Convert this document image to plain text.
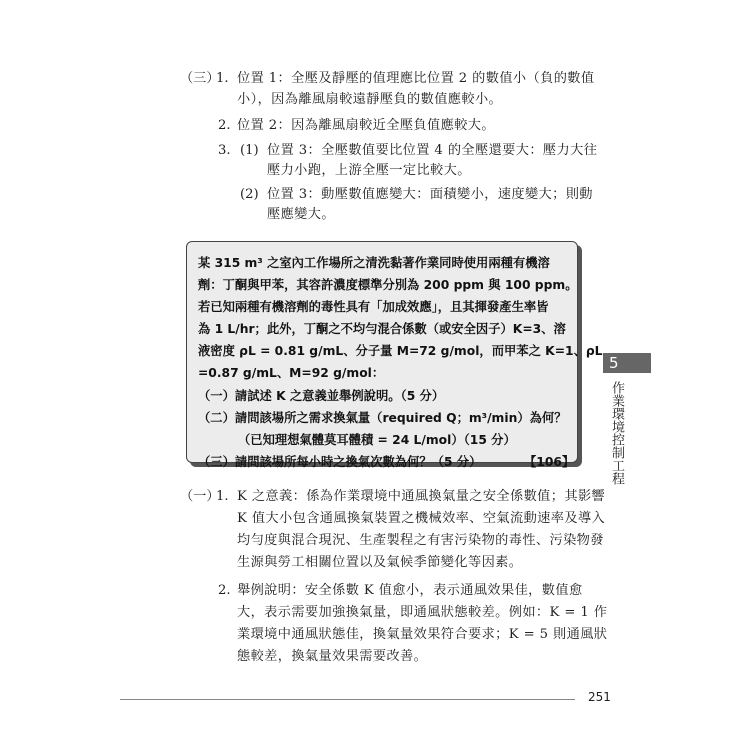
（三）
1. 位置 1：全壓及靜壓的值理應比位置 2 的數值小（負的數值
小），因為離風扇較遠靜壓負的數值應較小。
2. 位置 2：因為離風扇較近全壓負值應較大。
3. (1) 位置 3：全壓數值要比位置 4 的全壓還要大：壓力大往
壓力小跑，上游全壓一定比較大。
(2) 位置 3：動壓數值應變大：面積變小，速度變大；則動
壓應變大。
某 315 m³ 之室內工作場所之清洗黏著作業同時使用兩種有機溶
劑：丁酮與甲苯，其容許濃度標準分別為 200 ppm 與 100 ppm。
若已知兩種有機溶劑的毒性具有「加成效應」，且其揮發產生率皆
為 1 L/hr；此外，丁酮之不均勻混合係數（或安全因子）K=3、溶
液密度 ρL = 0.81 g/mL、分子量 M=72 g/mol，而甲苯之 K=1、ρL
=0.87 g/mL、M=92 g/mol：
（一）請試述 K 之意義並舉例說明。（5 分）
（二）請問該場所之需求換氣量（required Q；m³/min）為何？
（已知理想氣體莫耳體積 = 24 L/mol）（15 分）
（三）請問該場所每小時之換氣次數為何？（5 分）	【106】
（一）
1. K 之意義：係為作業環境中通風換氣量之安全係數值；其影響
K 值大小包含通風換氣裝置之機械效率、空氣流動速率及導入
均勻度與混合現況、生產製程之有害污染物的毒性、污染物發
生源與勞工相關位置以及氣候季節變化等因素。
2. 舉例說明：安全係數 K 值愈小，表示通風效果佳，數值愈
大，表示需要加強換氣量，即通風狀態較差。例如：K = 1 作
業環境中通風狀態佳，換氣量效果符合要求；K = 5 則通風狀
態較差，換氣量效果需要改善。
5
作業環境控制工程
251
